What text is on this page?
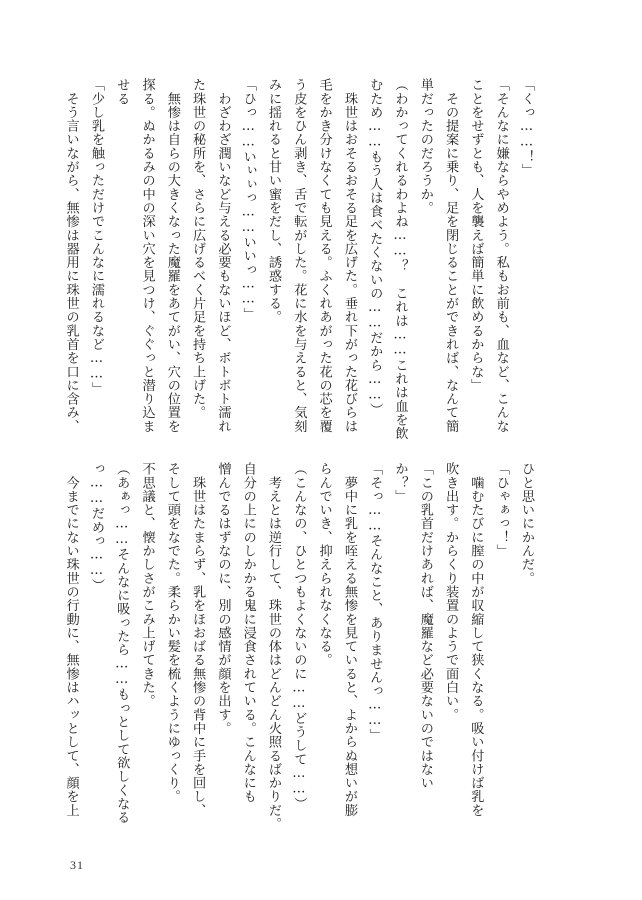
「くっ……！」
「そんなに嫌ならやめよう。私もお前も、血など、こんな
ことをせずとも、人を襲えば簡単に飲めるからな」
　その提案に乗り、足を閉じることができれば、なんて簡
単だったのだろうか。
（わかってくれるわよね……？　これは……これは血を飲
むため……もう人は食べたくないの……だから……）
　珠世はおそるおそる足を広げた。垂れ下がった花びらは
毛をかき分けなくても見える。ふくれあがった花の芯を覆
う皮をひん剥き、舌で転がした。花に水を与えると、気刻
みに揺れると甘い蜜をだし、誘惑する。
「ひっ……いぃぃっ……いいっ……」
　わざわざ潤いなど与える必要もないほど、ボトボト濡れ
た珠世の秘所を、さらに広げるべく片足を持ち上げた。
　無惨は自らの大きくなった魔羅をあてがい、穴の位置を
探る。ぬかるみの中の深い穴を見つけ、ぐぐっと潜り込ま
せる
「少し乳を触っただけでこんなに濡れるなど……」
　そう言いながら、無惨は器用に珠世の乳首を口に含み、
ひと思いにかんだ。
「ひゃぁっ！」
　噛むたびに膣の中が収縮して狭くなる。吸い付けば乳を
吹き出す。からくり装置のようで面白い。
「この乳首だけあれば、魔羅など必要ないのではない
か？」
「そっ……そんなこと、ありませんっ……」
　夢中に乳を咥える無惨を見ていると、よからぬ想いが膨
らんでいき、抑えられなくなる。
（こんなの、ひとつもよくないのに……どうして……）
　考えとは逆行して、珠世の体はどんどん火照るばかりだ。
自分の上にのしかかる鬼に浸食されている。こんなにも
憎んでるはずなのに、別の感情が顔を出す。
　珠世はたまらず、乳をほおばる無惨の背中に手を回し、
そして頭をなでた。柔らかい髪を梳くようにゆっくり。
不思議と、懐かしさがこみ上げてきた。
（あぁっ……そんなに吸ったら……もっとして欲しくなる
っ……だめっ……）
　今までにない珠世の行動に、無惨はハッとして、顔を上
31
